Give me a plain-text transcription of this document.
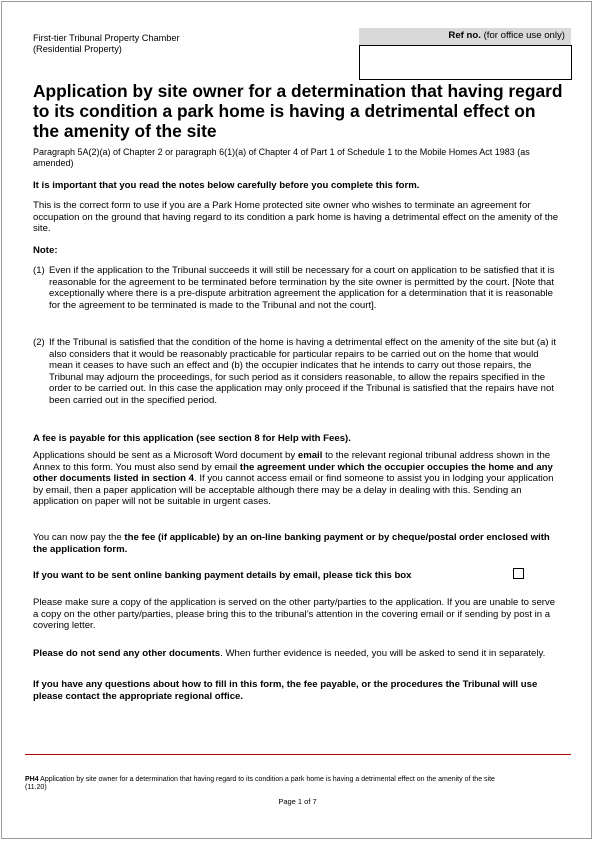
First-tier Tribunal Property Chamber
(Residential Property)
Ref no. (for office use only)
Application by site owner for a determination that having regard to its condition a park home is having a detrimental effect on the amenity of the site

Paragraph 5A(2)(a) of Chapter 2 or paragraph 6(1)(a) of Chapter 4 of Part 1 of Schedule 1 to the Mobile Homes Act 1983 (as amended)

It is important that you read the notes below carefully before you complete this form.

This is the correct form to use if you are a Park Home protected site owner who wishes to terminate an agreement for occupation on the ground that having regard to its condition a park home is having a detrimental effect on the amenity of the site.

Note:

(1) Even if the application to the Tribunal succeeds it will still be necessary for a court on application to be satisfied that it is reasonable for the agreement to be terminated before termination by the site owner is permitted by the court. [Note that exceptionally where there is a pre-dispute arbitration agreement the application for a determination that it is reasonable for the agreement to be terminated is made to the Tribunal and not the court].
(2) If the Tribunal is satisfied that the condition of the home is having a detrimental effect on the amenity of the site but (a) it also considers that it would be reasonably practicable for particular repairs to be carried out on the home that would mean it ceases to have such an effect and (b) the occupier indicates that he intends to carry out those repairs, the Tribunal may adjourn the proceedings, for such period as it considers reasonable, to allow the repairs specified in the order to be carried out. In this case the application may only proceed if the Tribunal is satisfied that the repairs have not been carried out in the specified period.

A fee is payable for this application (see section 8 for Help with Fees).

Applications should be sent as a Microsoft Word document by email to the relevant regional tribunal address shown in the Annex to this form. You must also send by email the agreement under which the occupier occupies the home and any other documents listed in section 4. If you cannot access email or find someone to assist you in lodging your application by email, then a paper application will be acceptable although there may be a delay in dealing with this. Sending an application on paper will not be suitable in urgent cases.

You can now pay the the fee (if applicable) by an on-line banking payment or by cheque/postal order enclosed with the application form.

If you want to be sent online banking payment details by email, please tick this box

Please make sure a copy of the application is served on the other party/parties to the application. If you are unable to serve a copy on the other party/parties, please bring this to the tribunal’s attention in the covering email or if sending by post in a covering letter.

Please do not send any other documents. When further evidence is needed, you will be asked to send it in separately.

If you have any questions about how to fill in this form, the fee payable, or the procedures the Tribunal will use please contact the appropriate regional office.

PH4 Application by site owner for a determination that having regard to its condition a park home is having a detrimental effect on the amenity of the site
(11.20)
Page 1 of 7
